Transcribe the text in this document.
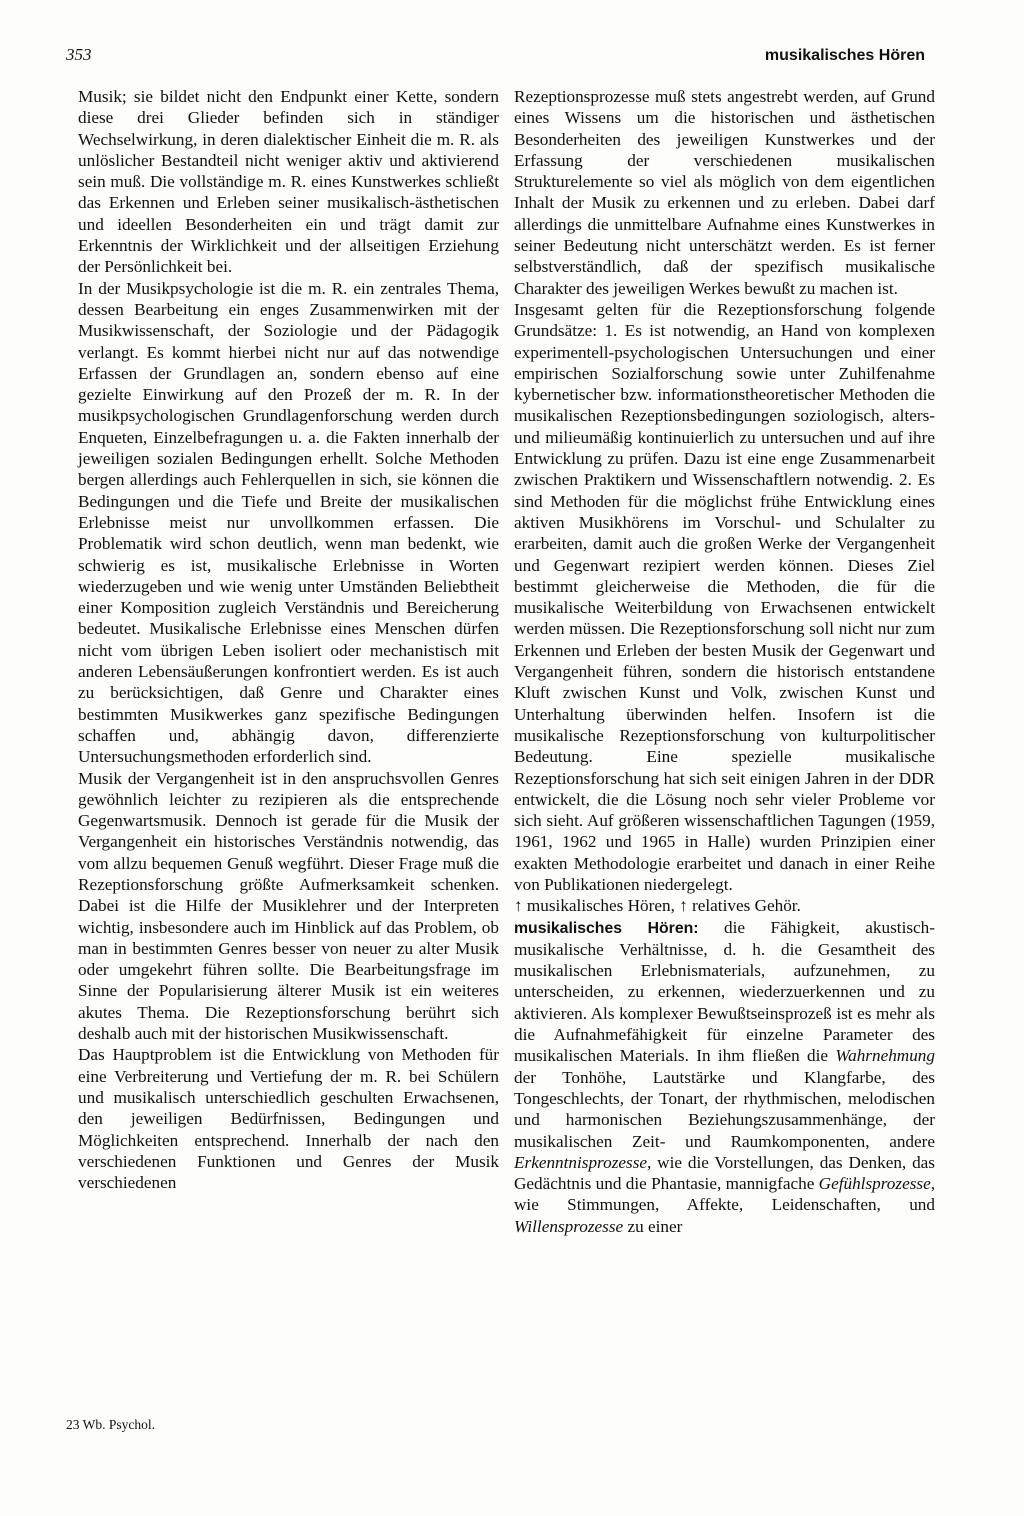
353	musikalisches Hören

Musik; sie bildet nicht den Endpunkt einer Kette, sondern diese drei Glieder befinden sich in ständiger Wechselwirkung, in deren dialektischer Einheit die m. R. als unlöslicher Bestandteil nicht weniger aktiv und aktivierend sein muß. Die vollständige m. R. eines Kunstwerkes schließt das Erkennen und Erleben seiner musikalisch-ästhetischen und ideellen Besonderheiten ein und trägt damit zur Erkenntnis der Wirklichkeit und der allseitigen Erziehung der Persönlichkeit bei.

In der Musikpsychologie ist die m. R. ein zentrales Thema, dessen Bearbeitung ein enges Zusammenwirken mit der Musikwissenschaft, der Soziologie und der Pädagogik verlangt. Es kommt hierbei nicht nur auf das notwendige Erfassen der Grundlagen an, sondern ebenso auf eine gezielte Einwirkung auf den Prozeß der m. R. In der musikpsychologischen Grundlagenforschung werden durch Enqueten, Einzelbefragungen u. a. die Fakten innerhalb der jeweiligen sozialen Bedingungen erhellt. Solche Methoden bergen allerdings auch Fehlerquellen in sich, sie können die Bedingungen und die Tiefe und Breite der musikalischen Erlebnisse meist nur unvollkommen erfassen. Die Problematik wird schon deutlich, wenn man bedenkt, wie schwierig es ist, musikalische Erlebnisse in Worten wiederzugeben und wie wenig unter Umständen Beliebtheit einer Komposition zugleich Verständnis und Bereicherung bedeutet. Musikalische Erlebnisse eines Menschen dürfen nicht vom übrigen Leben isoliert oder mechanistisch mit anderen Lebensäußerungen konfrontiert werden. Es ist auch zu berücksichtigen, daß Genre und Charakter eines bestimmten Musikwerkes ganz spezifische Bedingungen schaffen und, abhängig davon, differenzierte Untersuchungsmethoden erforderlich sind.

Musik der Vergangenheit ist in den anspruchsvollen Genres gewöhnlich leichter zu rezipieren als die entsprechende Gegenwartsmusik. Dennoch ist gerade für die Musik der Vergangenheit ein historisches Verständnis notwendig, das vom allzu bequemen Genuß wegführt. Dieser Frage muß die Rezeptionsforschung größte Aufmerksamkeit schenken. Dabei ist die Hilfe der Musiklehrer und der Interpreten wichtig, insbesondere auch im Hinblick auf das Problem, ob man in bestimmten Genres besser von neuer zu alter Musik oder umgekehrt führen sollte. Die Bearbeitungsfrage im Sinne der Popularisierung älterer Musik ist ein weiteres akutes Thema. Die Rezeptionsforschung berührt sich deshalb auch mit der historischen Musikwissenschaft.

Das Hauptproblem ist die Entwicklung von Methoden für eine Verbreiterung und Vertiefung der m. R. bei Schülern und musikalisch unterschiedlich geschulten Erwachsenen, den jeweiligen Bedürfnissen, Bedingungen und Möglichkeiten entsprechend. Innerhalb der nach den verschiedenen Funktionen und Genres der Musik verschiedenen

Rezeptionsprozesse muß stets angestrebt werden, auf Grund eines Wissens um die historischen und ästhetischen Besonderheiten des jeweiligen Kunstwerkes und der Erfassung der verschiedenen musikalischen Strukturelemente so viel als möglich von dem eigentlichen Inhalt der Musik zu erkennen und zu erleben. Dabei darf allerdings die unmittelbare Aufnahme eines Kunstwerkes in seiner Bedeutung nicht unterschätzt werden. Es ist ferner selbstverständlich, daß der spezifisch musikalische Charakter des jeweiligen Werkes bewußt zu machen ist.

Insgesamt gelten für die Rezeptionsforschung folgende Grundsätze: 1. Es ist notwendig, an Hand von komplexen experimentell-psychologischen Untersuchungen und einer empirischen Sozialforschung sowie unter Zuhilfenahme kybernetischer bzw. informationstheoretischer Methoden die musikalischen Rezeptionsbedingungen soziologisch, alters- und milieumäßig kontinuierlich zu untersuchen und auf ihre Entwicklung zu prüfen. Dazu ist eine enge Zusammenarbeit zwischen Praktikern und Wissenschaftlern notwendig. 2. Es sind Methoden für die möglichst frühe Entwicklung eines aktiven Musikhörens im Vorschul- und Schulalter zu erarbeiten, damit auch die großen Werke der Vergangenheit und Gegenwart rezipiert werden können. Dieses Ziel bestimmt gleicherweise die Methoden, die für die musikalische Weiterbildung von Erwachsenen entwickelt werden müssen. Die Rezeptionsforschung soll nicht nur zum Erkennen und Erleben der besten Musik der Gegenwart und Vergangenheit führen, sondern die historisch entstandene Kluft zwischen Kunst und Volk, zwischen Kunst und Unterhaltung überwinden helfen. Insofern ist die musikalische Rezeptionsforschung von kulturpolitischer Bedeutung. Eine spezielle musikalische Rezeptionsforschung hat sich seit einigen Jahren in der DDR entwickelt, die die Lösung noch sehr vieler Probleme vor sich sieht. Auf größeren wissenschaftlichen Tagungen (1959, 1961, 1962 und 1965 in Halle) wurden Prinzipien einer exakten Methodologie erarbeitet und danach in einer Reihe von Publikationen niedergelegt.

↑ musikalisches Hören, ↑ relatives Gehör.

musikalisches Hören: die Fähigkeit, akustisch-musikalische Verhältnisse, d. h. die Gesamtheit des musikalischen Erlebnismaterials, aufzunehmen, zu unterscheiden, zu erkennen, wiederzuerkennen und zu aktivieren. Als komplexer Bewußtseinsprozeß ist es mehr als die Aufnahmefähigkeit für einzelne Parameter des musikalischen Materials. In ihm fließen die Wahrnehmung der Tonhöhe, Lautstärke und Klangfarbe, des Tongeschlechts, der Tonart, der rhythmischen, melodischen und harmonischen Beziehungszusammenhänge, der musikalischen Zeit- und Raumkomponenten, andere Erkenntnisprozesse, wie die Vorstellungen, das Denken, das Gedächtnis und die Phantasie, mannigfache Gefühlsprozesse, wie Stimmungen, Affekte, Leidenschaften, und Willensprozesse zu einer

23 Wb. Psychol.
